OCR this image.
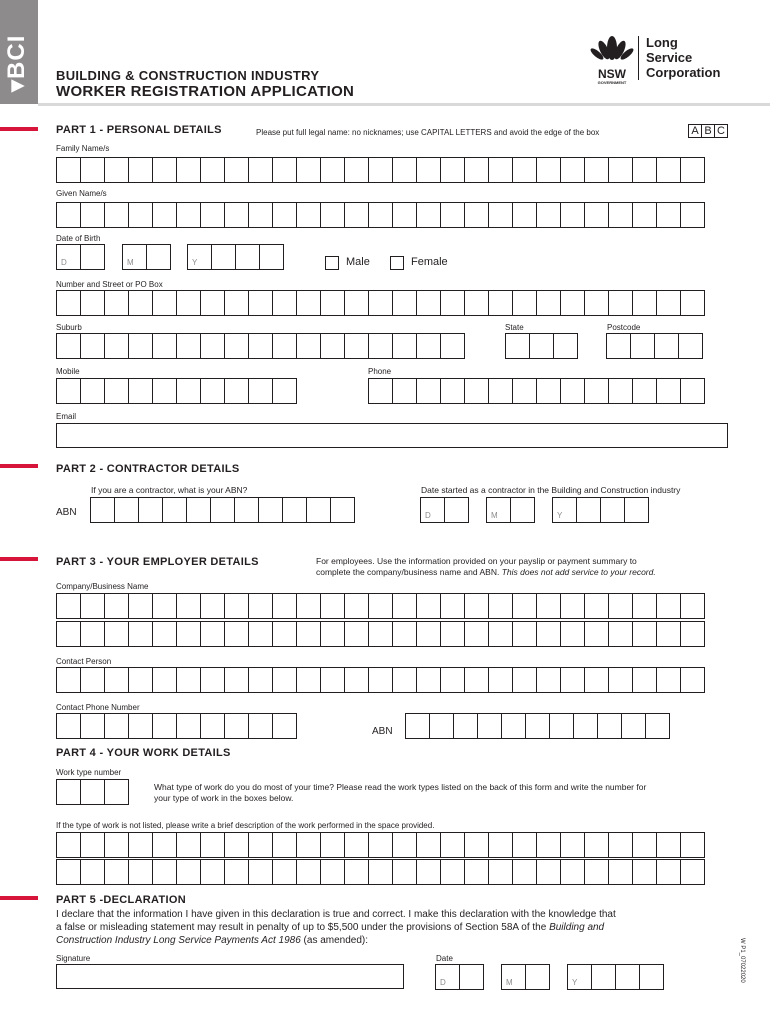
▾BCI BUILDING & CONSTRUCTION INDUSTRY
WORKER REGISTRATION APPLICATION
NSW
GOVERNMENT
Long
Service
Corporation
PART 1 - PERSONAL DETAILS	Please put full legal name: no nicknames; use CAPITAL LETTERS and avoid the edge of the box	A B C
Family Name/s
Given Name/s
Date of Birth
D	M	Y	Male	Female
Number and Street or PO Box
Suburb	State	Postcode
Mobile	Phone
Email
PART 2 - CONTRACTOR DETAILS
If you are a contractor, what is your ABN?
ABN
Date started as a contractor in the Building and Construction industry
D	M	Y
PART 3 - YOUR EMPLOYER DETAILS	For employees. Use the information provided on your payslip or payment summary to
complete the company/business name and ABN. This does not add service to your record.
Company/Business Name
Contact Person
Contact Phone Number
ABN
PART 4 - YOUR WORK DETAILS
Work type number
What type of work do you do most of your time? Please read the work types listed on the back of this form and write the number for
your type of work in the boxes below.
If the type of work is not listed, please write a brief description of the work performed in the space provided.
PART 5 -DECLARATION
I declare that the information I have given in this declaration is true and correct. I make this declaration with the knowledge that
a false or misleading statement may result in penalty of up to $5,500 under the provisions of Section 58A of the Building and
Construction Industry Long Service Payments Act 1986 (as amended):
Signature	Date
D	M	Y	W P1_07022020
